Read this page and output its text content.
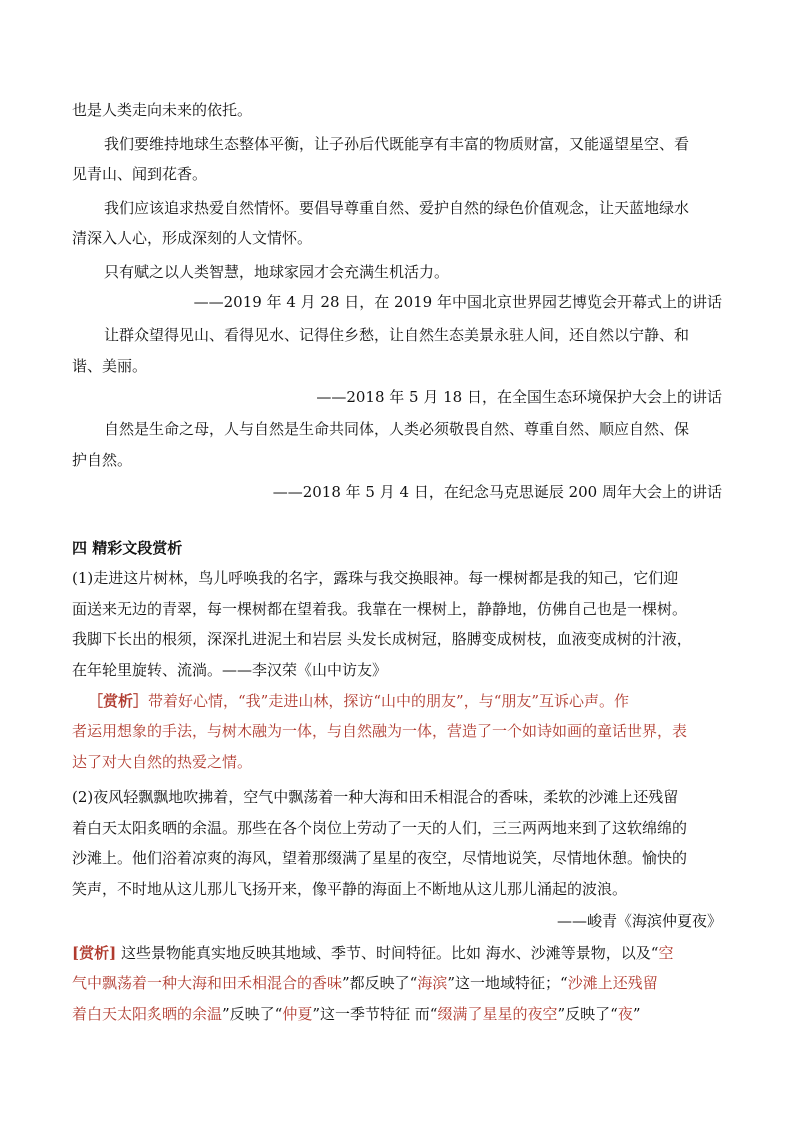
也是人类走向未来的依托。
我们要维持地球生态整体平衡，让子孙后代既能享有丰富的物质财富，又能遥望星空、看
见青山、闻到花香。
我们应该追求热爱自然情怀。要倡导尊重自然、爱护自然的绿色价值观念，让天蓝地绿水
清深入人心，形成深刻的人文情怀。
只有赋之以人类智慧，地球家园才会充满生机活力。
——2019 年 4 月 28 日，在 2019 年中国北京世界园艺博览会开幕式上的讲话
让群众望得见山、看得见水、记得住乡愁，让自然生态美景永驻人间，还自然以宁静、和
谐、美丽。
——2018 年 5 月 18 日，在全国生态环境保护大会上的讲话
自然是生命之母，人与自然是生命共同体，人类必须敬畏自然、尊重自然、顺应自然、保
护自然。
——2018 年 5 月 4 日，在纪念马克思诞辰 200 周年大会上的讲话
四 精彩文段赏析
(1)走进这片树林，鸟儿呼唤我的名字，露珠与我交换眼神。每一棵树都是我的知己，它们迎
面送来无边的青翠，每一棵树都在望着我。我靠在一棵树上，静静地，仿佛自己也是一棵树。
我脚下长出的根须，深深扎进泥土和岩层 头发长成树冠，胳膊变成树枝，血液变成树的汁液，
在年轮里旋转、流淌。——李汉荣《山中访友》
［赏析］带着好心情，“我”走进山林，探访“山中的朋友”，与“朋友”互诉心声。作
者运用想象的手法，与树木融为一体，与自然融为一体，营造了一个如诗如画的童话世界，表
达了对大自然的热爱之情。
(2)夜风轻飘飘地吹拂着，空气中飘荡着一种大海和田禾相混合的香味，柔软的沙滩上还残留
着白天太阳炙晒的余温。那些在各个岗位上劳动了一天的人们，三三两两地来到了这软绵绵的
沙滩上。他们浴着凉爽的海风，望着那缀满了星星的夜空，尽情地说笑，尽情地休憩。愉快的
笑声，不时地从这儿那儿飞扬开来，像平静的海面上不断地从这儿那儿涌起的波浪。
——峻青《海滨仲夏夜》
[赏析] 这些景物能真实地反映其地域、季节、时间特征。比如 海水、沙滩等景物，以及“空
气中飘荡着一种大海和田禾相混合的香味”都反映了“海滨”这一地域特征；“沙滩上还残留
着白天太阳炙晒的余温”反映了“仲夏”这一季节特征 而“缀满了星星的夜空”反映了“夜”
